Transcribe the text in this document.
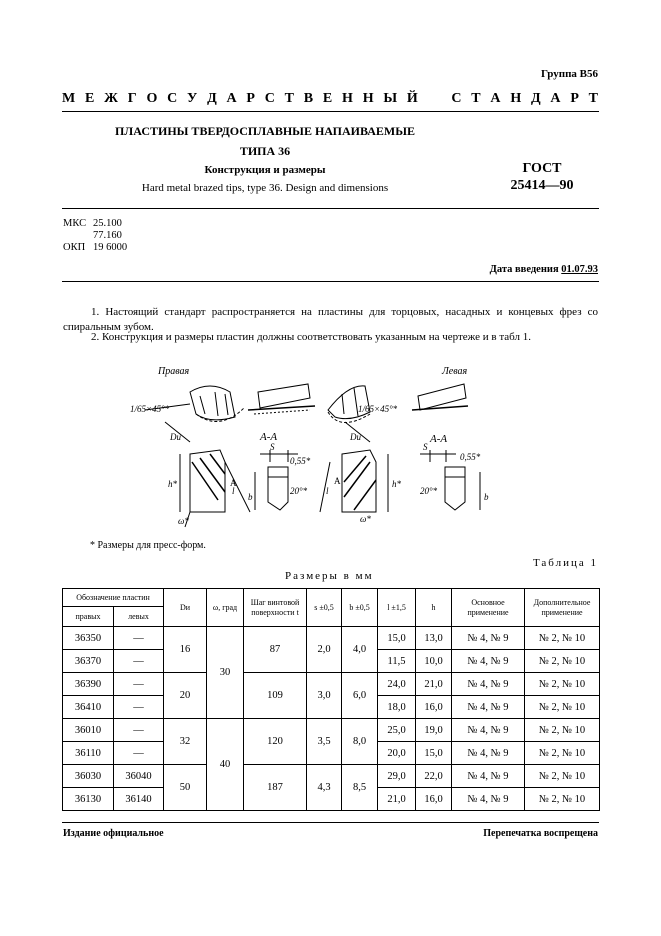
Группа В56
М Е Ж Г О С У Д А Р С Т В Е Н Н Ы Й
С Т А Н Д А Р Т
ПЛАСТИНЫ ТВЕРДОСПЛАВНЫЕ НАПАИВАЕМЫЕ
ТИПА 36
Конструкция и размеры
Hard metal brazed tips, type 36. Design and dimensions
ГОСТ
25414—90
МКС 25.100
77.160
ОКП 19 6000
Дата введения 01.07.93
1. Настоящий стандарт распространяется на пластины для торцовых, насадных и концевых фрез со спиральным зубом.
2. Конструкция и размеры пластин должны соответствовать указанным на чертеже и в табл 1.
Правая
1/65×45°*
Dи	А-А
h*
ω*
l
А
b
S
0,55*
20°*
Левая
1/65×45°*
Dи	А-А
h*
l
А
ω*
b
S
0,55*
20°*
* Размеры для пресс-форм.
Таблица 1
Размеры в мм
Обозначение пластин		Dи	ω, град	Шаг винтовой поверхности t	s ±0,5	b ±0,5	l ±1,5	h	Основное применение	Дополнительное применение
правых	левых									
36350	—	16	30	87	2,0	4,0	15,0	13,0	№ 4, № 9	№ 2, № 10
36370	—						11,5	10,0	№ 4, № 9	№ 2, № 10
36390	—	20		109	3,0	6,0	24,0	21,0	№ 4, № 9	№ 2, № 10
36410	—						18,0	16,0	№ 4, № 9	№ 2, № 10
36010	—	32	40	120	3,5	8,0	25,0	19,0	№ 4, № 9	№ 2, № 10
36110	—						20,0	15,0	№ 4, № 9	№ 2, № 10
36030	36040	50		187	4,3	8,5	29,0	22,0	№ 4, № 9	№ 2, № 10
36130	36140						21,0	16,0	№ 4, № 9	№ 2, № 10
Издание официальное	Перепечатка воспрещена
